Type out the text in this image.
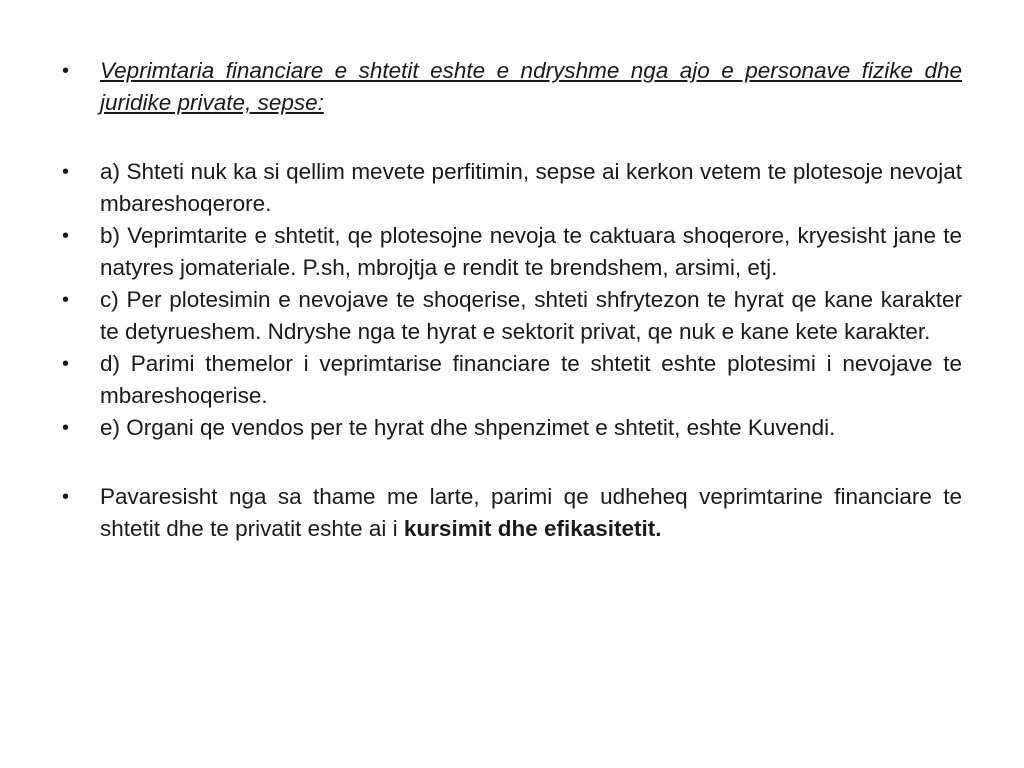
•	Veprimtaria financiare e shtetit eshte e ndryshme nga ajo e personave fizike dhe juridike private, sepse:
•	a) Shteti nuk ka si qellim mevete perfitimin, sepse ai kerkon vetem te plotesoje nevojat mbareshoqerore.
•	b) Veprimtarite e shtetit, qe plotesojne nevoja te caktuara shoqerore, kryesisht jane te natyres jomateriale. P.sh, mbrojtja e rendit te brendshem, arsimi, etj.
•	c) Per plotesimin e nevojave te shoqerise, shteti shfrytezon te hyrat qe kane karakter te detyrueshem. Ndryshe nga te hyrat e sektorit privat, qe nuk e kane kete karakter.
•	d) Parimi themelor i veprimtarise financiare te shtetit eshte plotesimi i nevojave te mbareshoqerise.
•	e) Organi qe vendos per te hyrat dhe shpenzimet e shtetit, eshte Kuvendi.
•	Pavaresisht nga sa thame me larte, parimi qe udheheq veprimtarine financiare te shtetit dhe te privatit eshte ai i kursimit dhe efikasitetit.
